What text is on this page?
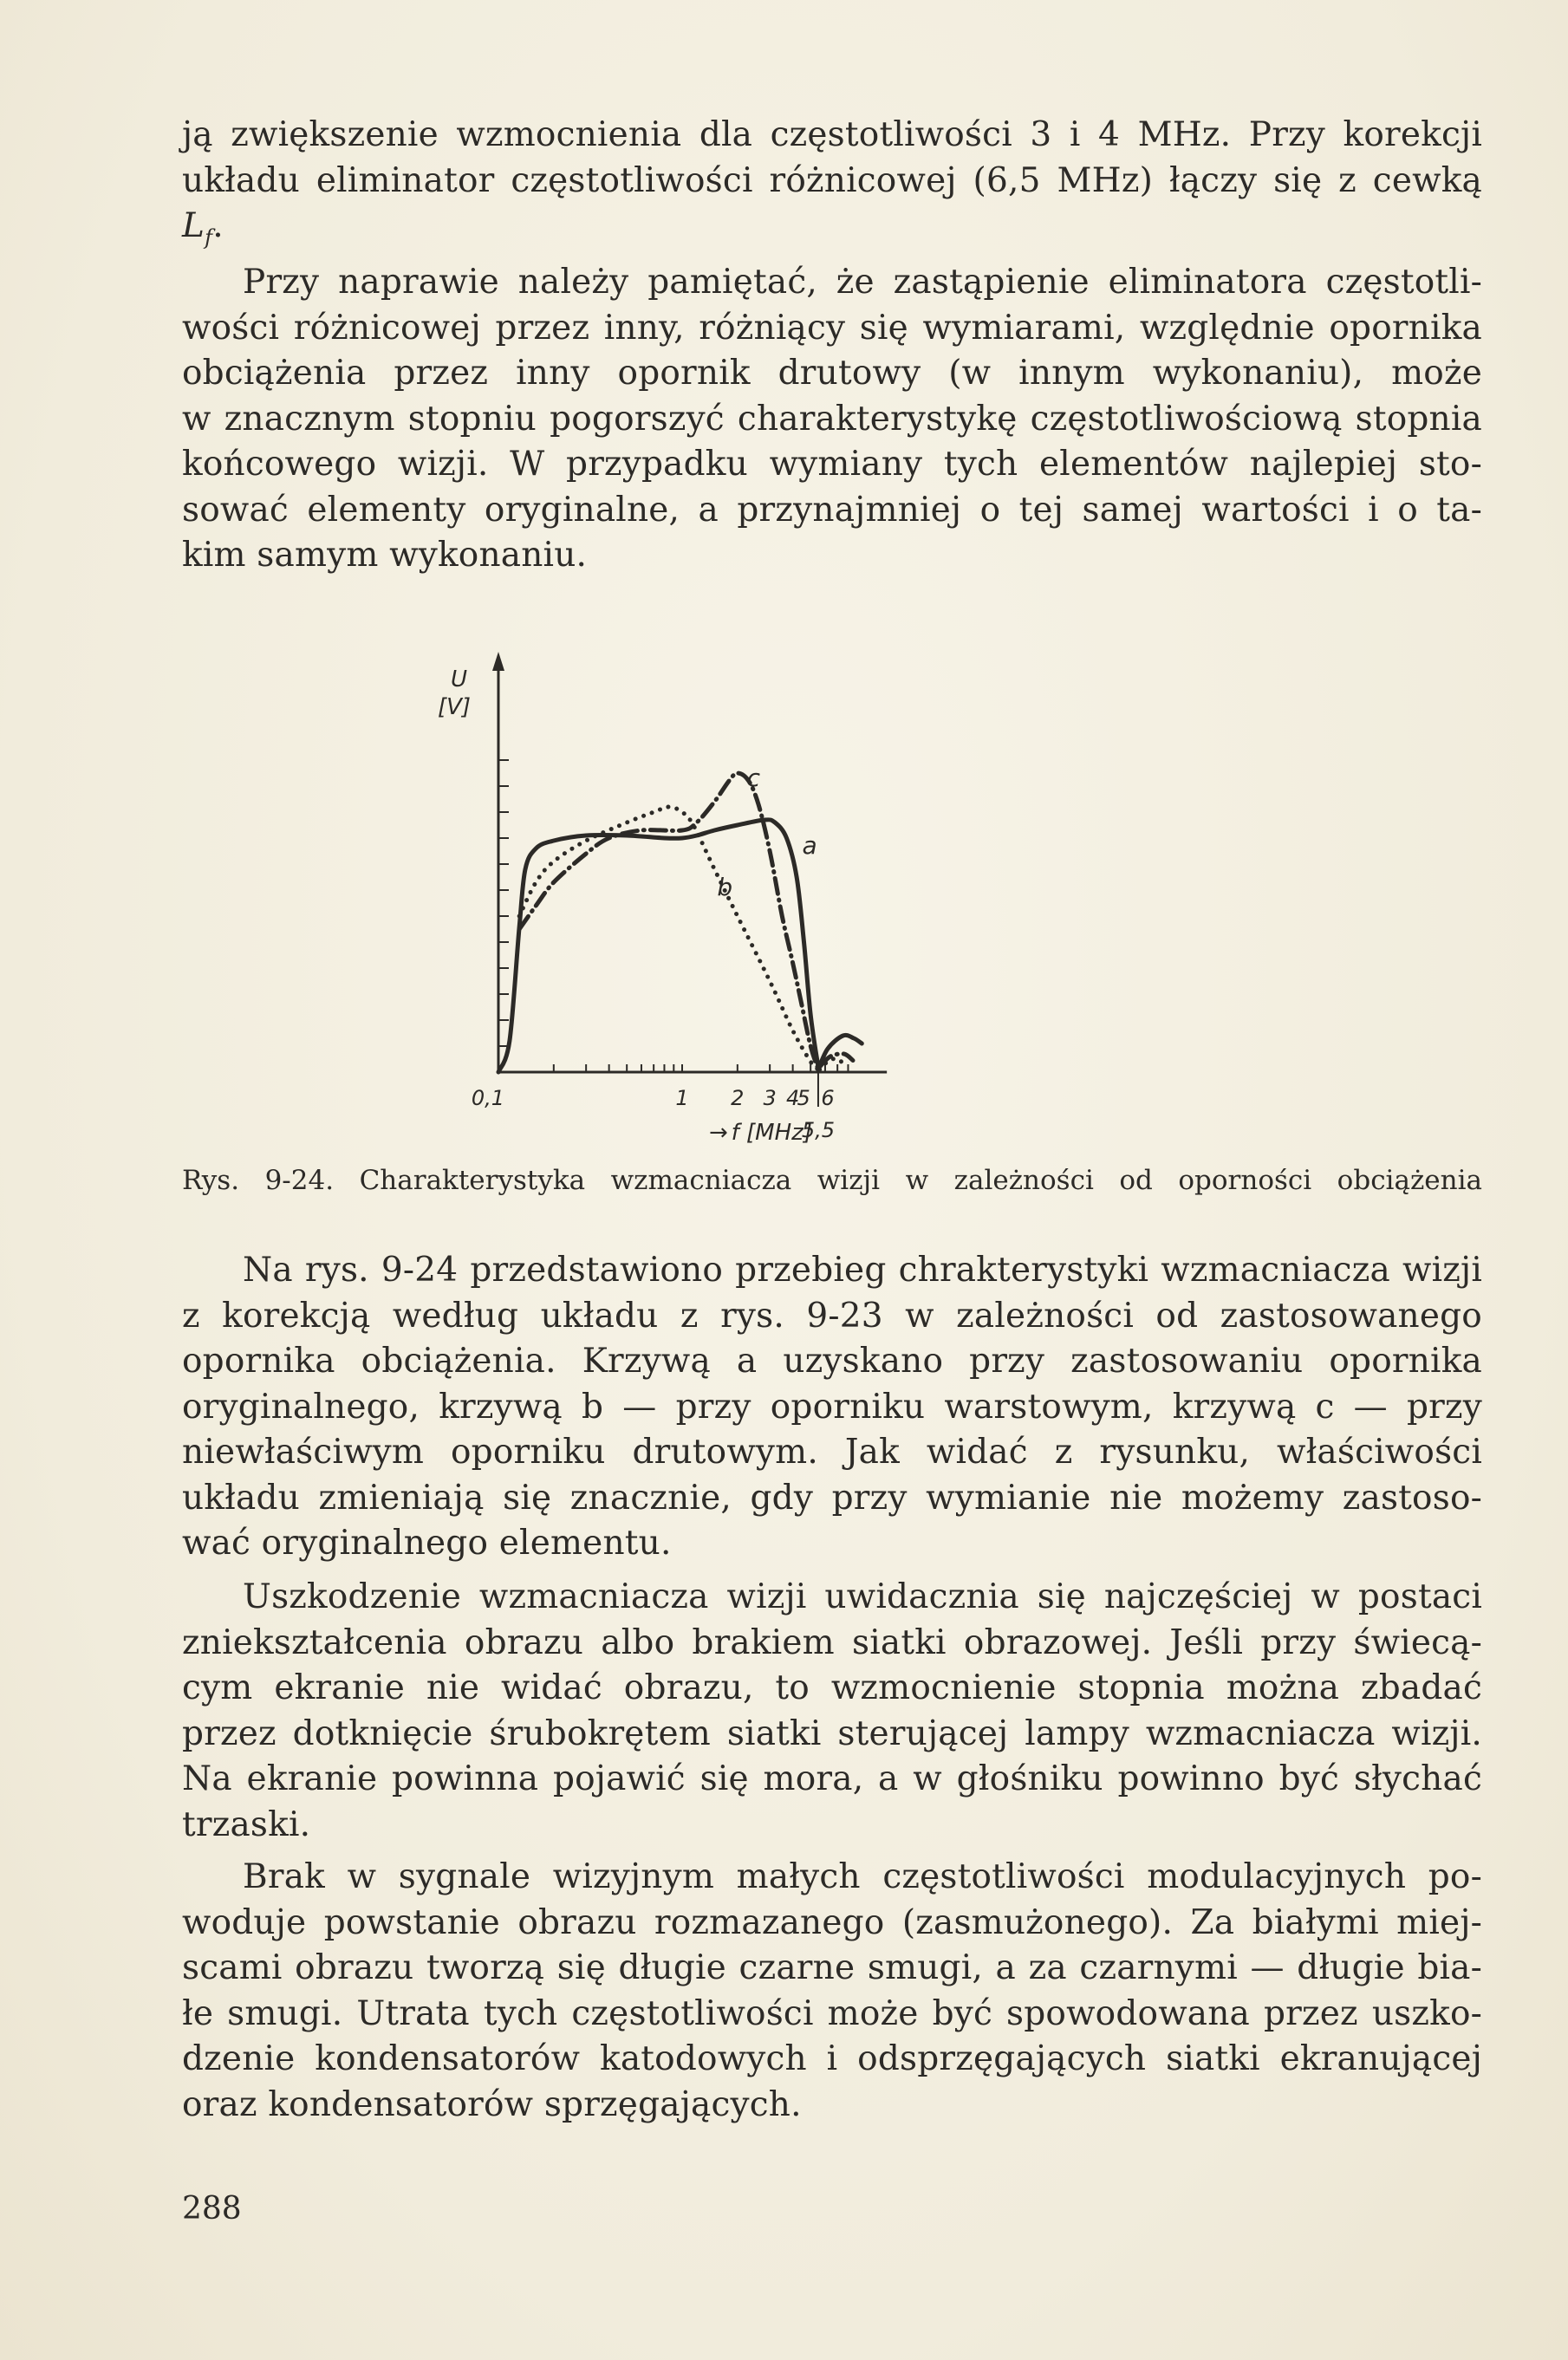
ją zwiększenie wzmocnienia dla częstotliwości 3 i 4 MHz. Przy korekcji
układu eliminator częstotliwości różnicowej (6,5 MHz) łączy się z cewką
$L_f$.
Przy naprawie należy pamiętać, że zastąpienie eliminatora częstotli-
wości różnicowej przez inny, różniący się wymiarami, względnie opornika
obciążenia przez inny opornik drutowy (w innym wykonaniu), może
w znacznym stopniu pogorszyć charakterystykę częstotliwościową stopnia
końcowego wizji. W przypadku wymiany tych elementów najlepiej sto-
sować elementy oryginalne, a przynajmniej o tej samej wartości i o ta-
kim samym wykonaniu.
0,1	1 2 3 4
5 6
5,5
U
[V]
→ f [MHz]
a
b
c
Rys. 9-24. Charakterystyka wzmacniacza wizji w zależności od oporności obciążenia
Na rys. 9-24 przedstawiono przebieg chrakterystyki wzmacniacza wizji
z korekcją według układu z rys. 9-23 w zależności od zastosowanego
opornika obciążenia. Krzywą a uzyskano przy zastosowaniu opornika
oryginalnego, krzywą b — przy oporniku warstowym, krzywą c — przy
niewłaściwym oporniku drutowym. Jak widać z rysunku, właściwości
układu zmieniają się znacznie, gdy przy wymianie nie możemy zastoso-
wać oryginalnego elementu.
Uszkodzenie wzmacniacza wizji uwidacznia się najczęściej w postaci
zniekształcenia obrazu albo brakiem siatki obrazowej. Jeśli przy świecą-
cym ekranie nie widać obrazu, to wzmocnienie stopnia można zbadać
przez dotknięcie śrubokrętem siatki sterującej lampy wzmacniacza wizji.
Na ekranie powinna pojawić się mora, a w głośniku powinno być słychać
trzaski.
Brak w sygnale wizyjnym małych częstotliwości modulacyjnych po-
woduje powstanie obrazu rozmazanego (zasmużonego). Za białymi miej-
scami obrazu tworzą się długie czarne smugi, a za czarnymi — długie bia-
łe smugi. Utrata tych częstotliwości może być spowodowana przez uszko-
dzenie kondensatorów katodowych i odsprzęgających siatki ekranującej
oraz kondensatorów sprzęgających.
288
